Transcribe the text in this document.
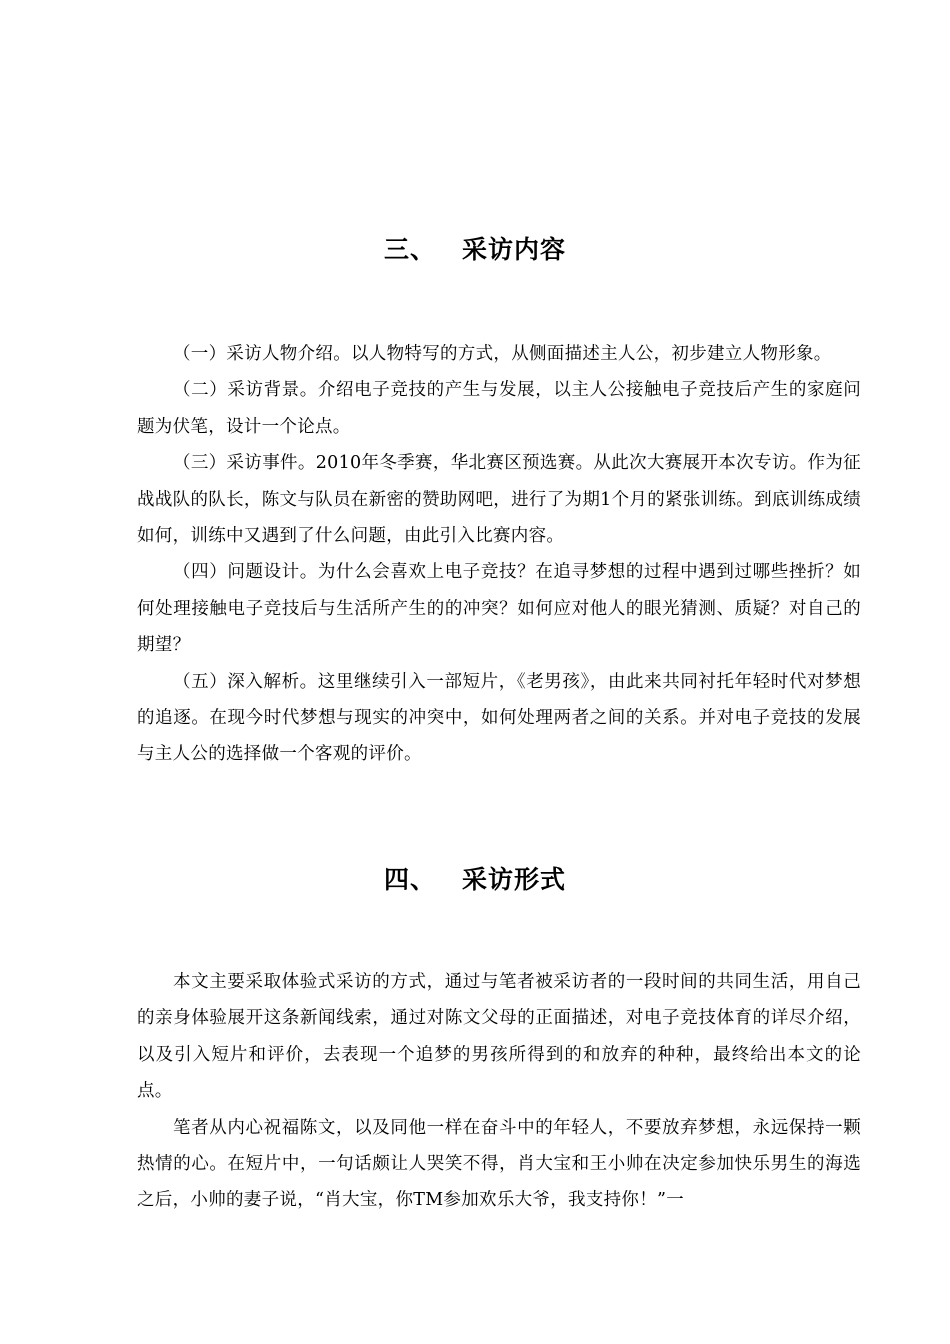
三、 采访内容

（一）采访人物介绍。以人物特写的方式，从侧面描述主人公，初步建立人物形象。

（二）采访背景。介绍电子竞技的产生与发展，以主人公接触电子竞技后产生的家庭问题为伏笔，设计一个论点。

（三）采访事件。2010年冬季赛，华北赛区预选赛。从此次大赛展开本次专访。作为征战战队的队长，陈文与队员在新密的赞助网吧，进行了为期1个月的紧张训练。到底训练成绩如何，训练中又遇到了什么问题，由此引入比赛内容。

（四）问题设计。为什么会喜欢上电子竞技？在追寻梦想的过程中遇到过哪些挫折？如何处理接触电子竞技后与生活所产生的的冲突？如何应对他人的眼光猜测、质疑？对自己的期望？

（五）深入解析。这里继续引入一部短片，《老男孩》，由此来共同衬托年轻时代对梦想的追逐。在现今时代梦想与现实的冲突中，如何处理两者之间的关系。并对电子竞技的发展与主人公的选择做一个客观的评价。

四、 采访形式

本文主要采取体验式采访的方式，通过与笔者被采访者的一段时间的共同生活，用自己的亲身体验展开这条新闻线索，通过对陈文父母的正面描述，对电子竞技体育的详尽介绍，以及引入短片和评价，去表现一个追梦的男孩所得到的和放弃的种种，最终给出本文的论点。

笔者从内心祝福陈文，以及同他一样在奋斗中的年轻人，不要放弃梦想，永远保持一颗热情的心。在短片中，一句话颇让人哭笑不得，肖大宝和王小帅在决定参加快乐男生的海选之后，小帅的妻子说，“肖大宝，你TM参加欢乐大爷，我支持你！”一
